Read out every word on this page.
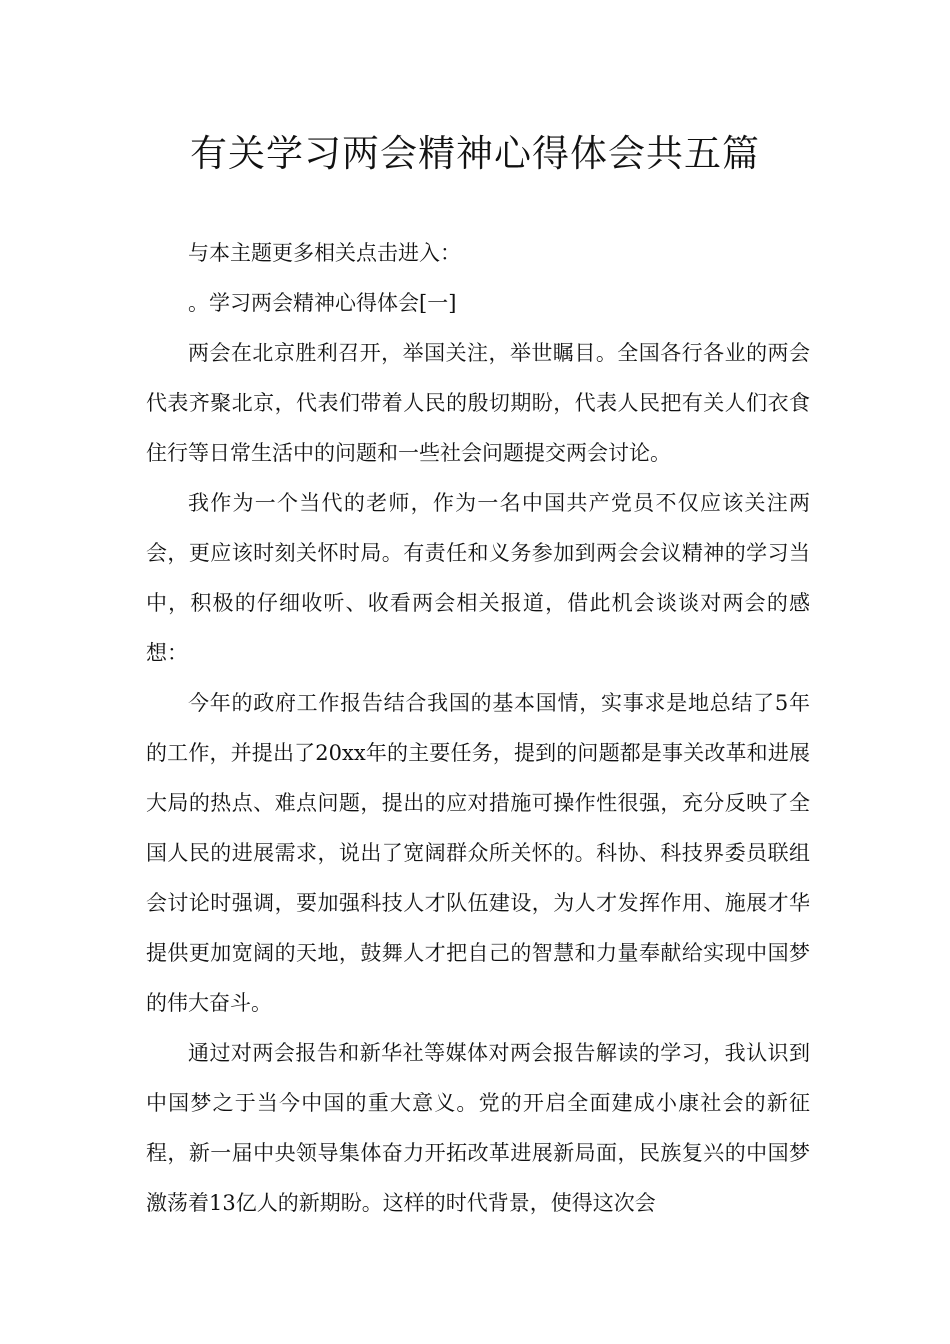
有关学习两会精神心得体会共五篇

与本主题更多相关点击进入：

。学习两会精神心得体会[一]

两会在北京胜利召开，举国关注，举世瞩目。全国各行各业的两会代表齐聚北京，代表们带着人民的殷切期盼，代表人民把有关人们衣食住行等日常生活中的问题和一些社会问题提交两会讨论。

我作为一个当代的老师，作为一名中国共产党员不仅应该关注两会，更应该时刻关怀时局。有责任和义务参加到两会会议精神的学习当中，积极的仔细收听、收看两会相关报道，借此机会谈谈对两会的感想：

今年的政府工作报告结合我国的基本国情，实事求是地总结了5年的工作，并提出了20xx年的主要任务，提到的问题都是事关改革和进展大局的热点、难点问题，提出的应对措施可操作性很强，充分反映了全国人民的进展需求，说出了宽阔群众所关怀的。科协、科技界委员联组会讨论时强调，要加强科技人才队伍建设，为人才发挥作用、施展才华提供更加宽阔的天地，鼓舞人才把自己的智慧和力量奉献给实现中国梦的伟大奋斗。

通过对两会报告和新华社等媒体对两会报告解读的学习，我认识到中国梦之于当今中国的重大意义。党的开启全面建成小康社会的新征程，新一届中央领导集体奋力开拓改革进展新局面，民族复兴的中国梦激荡着13亿人的新期盼。这样的时代背景，使得这次会
